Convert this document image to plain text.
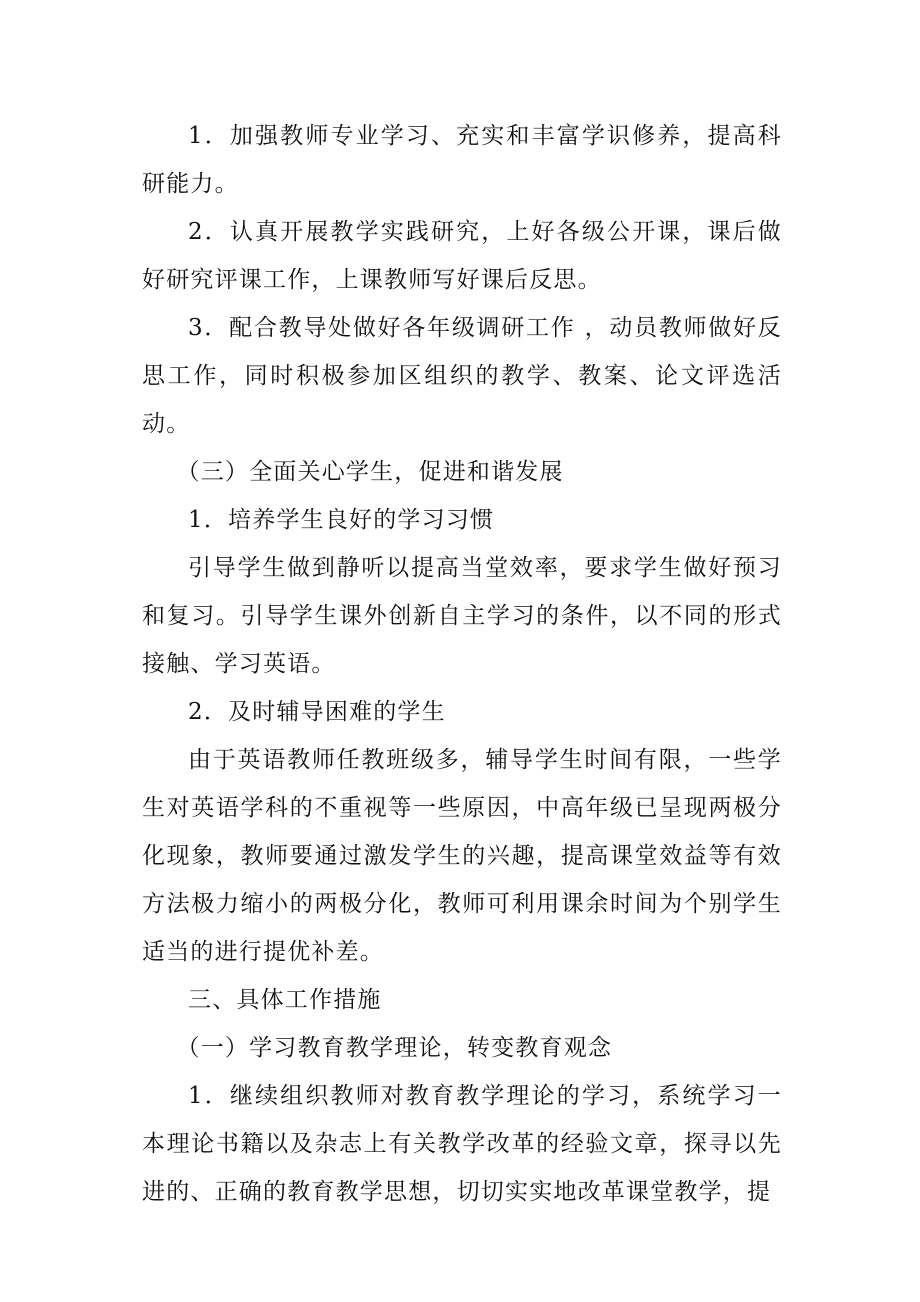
1．加强教师专业学习、充实和丰富学识修养，提高科研能力。

2．认真开展教学实践研究，上好各级公开课，课后做好研究评课工作，上课教师写好课后反思。

3．配合教导处做好各年级调研工作 ，动员教师做好反思工作，同时积极参加区组织的教学、教案、论文评选活动。

（三）全面关心学生，促进和谐发展

1．培养学生良好的学习习惯

引导学生做到静听以提高当堂效率，要求学生做好预习和复习。引导学生课外创新自主学习的条件，以不同的形式接触、学习英语。

2．及时辅导困难的学生

由于英语教师任教班级多，辅导学生时间有限，一些学生对英语学科的不重视等一些原因，中高年级已呈现两极分化现象，教师要通过激发学生的兴趣，提高课堂效益等有效方法极力缩小的两极分化，教师可利用课余时间为个别学生适当的进行提优补差。

三、具体工作措施

（一）学习教育教学理论，转变教育观念

1．继续组织教师对教育教学理论的学习，系统学习一本理论书籍以及杂志上有关教学改革的经验文章，探寻以先进的、正确的教育教学思想，切切实实地改革课堂教学，提
